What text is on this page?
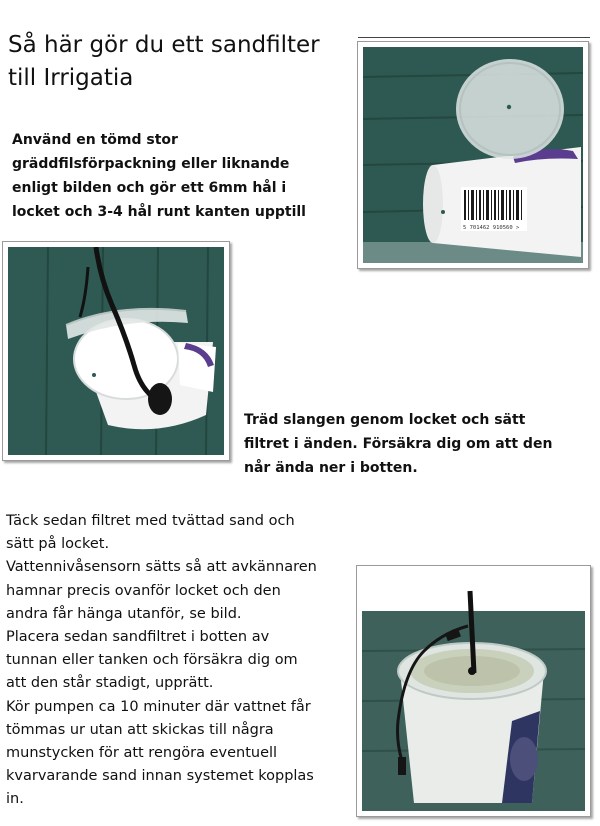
Så här gör du ett sandfilter
till Irrigatia
5 701462 910560 >
Använd en tömd stor
gräddfilsförpackning eller liknande
enligt bilden och gör ett 6mm hål i
locket och 3-4 hål runt kanten upptill
Träd slangen genom locket och sätt
filtret i änden. Försäkra dig om att den
når ända ner i botten.
Täck sedan filtret med tvättad sand och
sätt på locket.
Vattennivåsensorn sätts så att avkännaren
hamnar precis ovanför locket och den
andra får hänga utanför, se bild.
Placera sedan sandfiltret i botten av
tunnan eller tanken och försäkra dig om
att den står stadigt, upprätt.
Kör pumpen ca 10 minuter där vattnet får
tömmas ur utan att skickas till några
munstycken för att rengöra eventuell
kvarvarande sand innan systemet kopplas
in.
